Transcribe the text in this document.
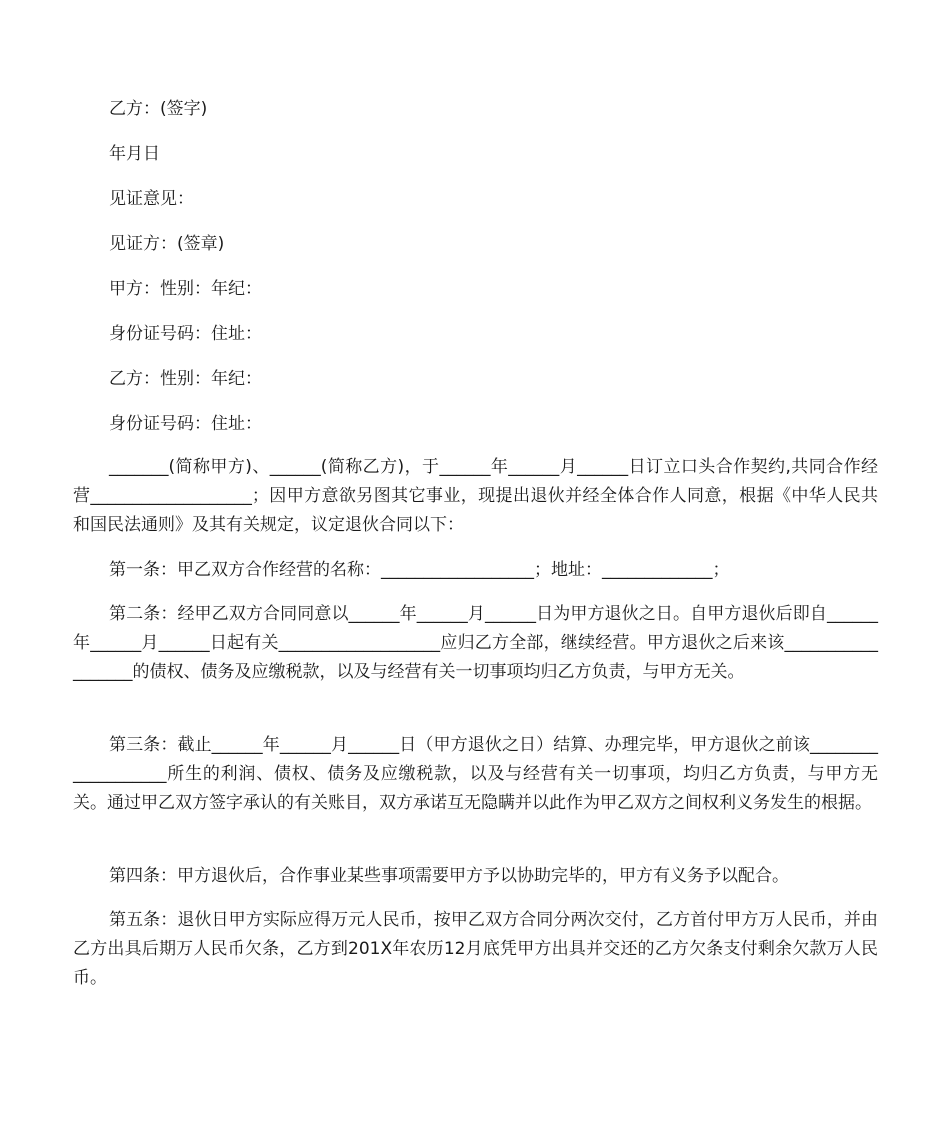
乙方：(签字)

年月日

见证意见：

见证方：(签章)

甲方：性别：年纪：

身份证号码：住址：

乙方：性别：年纪：

身份证号码：住址：

_______(简称甲方)、______(简称乙方)，于______年______月______日订立口头合作契约,共同合作经营___________________；因甲方意欲另图其它事业，现提出退伙并经全体合作人同意，根据《中华人民共和国民法通则》及其有关规定，议定退伙合同以下：

第一条：甲乙双方合作经营的名称：__________________；地址：_____________；

第二条：经甲乙双方合同同意以______年______月______日为甲方退伙之日。自甲方退伙后即自______年______月______日起有关___________________应归乙方全部，继续经营。甲方退伙之后来该__________________的债权、债务及应缴税款，以及与经营有关一切事项均归乙方负责，与甲方无关。

第三条：截止______年______月______日（甲方退伙之日）结算、办理完毕，甲方退伙之前该___________________所生的利润、债权、债务及应缴税款，以及与经营有关一切事项，均归乙方负责，与甲方无关。通过甲乙双方签字承认的有关账目，双方承诺互无隐瞒并以此作为甲乙双方之间权利义务发生的根据。

第四条：甲方退伙后，合作事业某些事项需要甲方予以协助完毕的，甲方有义务予以配合。

第五条：退伙日甲方实际应得万元人民币，按甲乙双方合同分两次交付，乙方首付甲方万人民币，并由乙方出具后期万人民币欠条，乙方到201X年农历12月底凭甲方出具并交还的乙方欠条支付剩余欠款万人民币。
